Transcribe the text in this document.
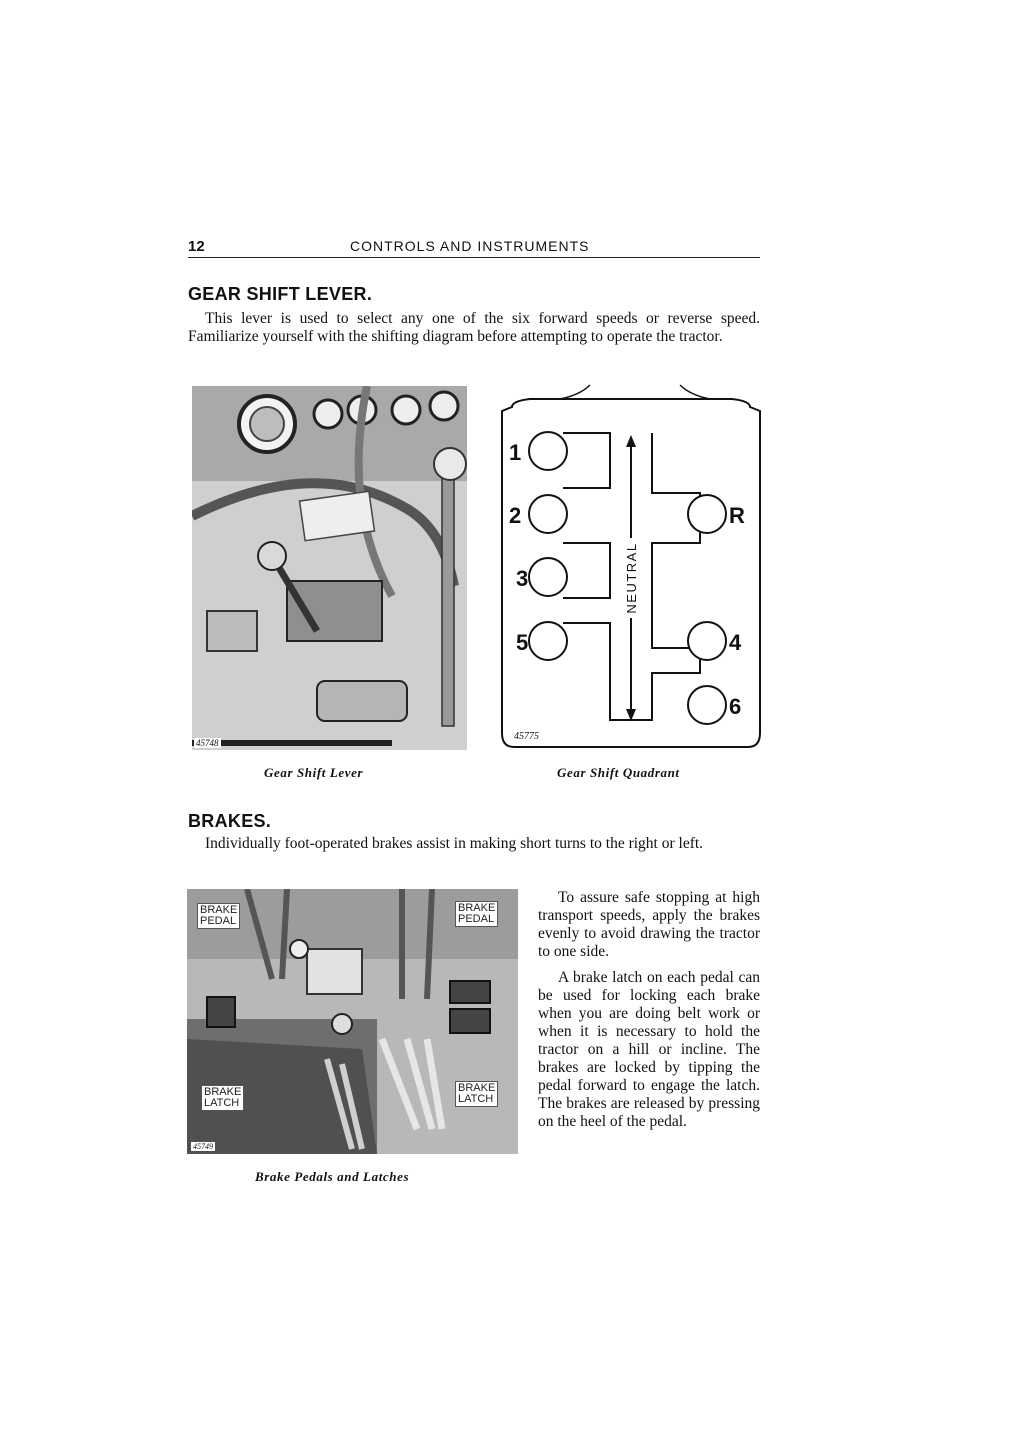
12	CONTROLS AND INSTRUMENTS
GEAR SHIFT LEVER.
This lever is used to select any one of the six forward speeds or reverse speed. Familiarize yourself with the shifting diagram before attempting to operate the tractor.
45748
Gear Shift Lever
1
2
3
5
R
4
6
NEUTRAL
45775
Gear Shift Quadrant
BRAKES.
Individually foot-operated brakes assist in making short turns to the right or left.
BRAKE
PEDAL
BRAKE
PEDAL
BRAKE
LATCH
BRAKE
LATCH
45749
Brake Pedals and Latches

To assure safe stopping at high transport speeds, apply the brakes evenly to avoid drawing the tractor to one side.

A brake latch on each pedal can be used for locking each brake when you are doing belt work or when it is necessary to hold the tractor on a hill or incline. The brakes are locked by tipping the pedal forward to engage the latch. The brakes are released by pressing on the heel of the pedal.
